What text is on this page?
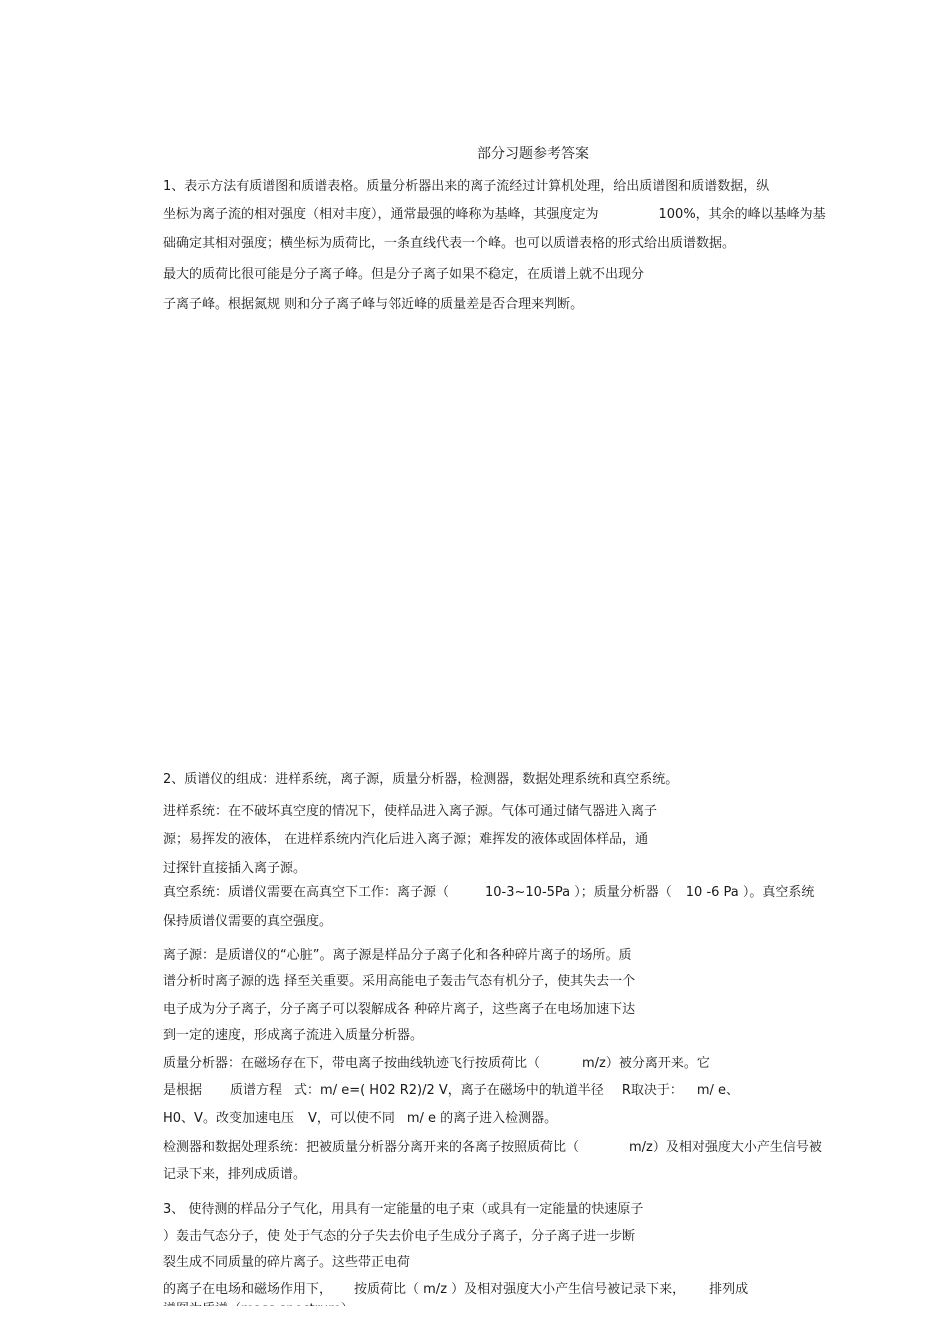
部分习题参考答案
1、表示方法有质谱图和质谱表格。质量分析器出来的离子流经过计算机处理，给出质谱图和质谱数据，纵
坐标为离子流的相对强度（相对丰度），通常最强的峰称为基峰，其强度定为	100%，其余的峰以基峰为基
础确定其相对强度；横坐标为质荷比，一条直线代表一个峰。也可以质谱表格的形式给出质谱数据。
最大的质荷比很可能是分子离子峰。但是分子离子如果不稳定，在质谱上就不出现分
子离子峰。根据氮规 则和分子离子峰与邻近峰的质量差是否合理来判断。
2、质谱仪的组成：进样系统，离子源，质量分析器，检测器，数据处理系统和真空系统。
进样系统：在不破坏真空度的情况下，使样品进入离子源。气体可通过储气器进入离子
源；易挥发的液体， 在进样系统内汽化后进入离子源；难挥发的液体或固体样品，通
过探针直接插入离子源。
真空系统：质谱仪需要在高真空下工作：离子源（	10-3~10-5Pa ）；质量分析器（ 10 -6 Pa ）。真空系统
保持质谱仪需要的真空强度。
离子源：是质谱仪的“心脏”。离子源是样品分子离子化和各种碎片离子的场所。质
谱分析时离子源的选 择至关重要。采用高能电子轰击气态有机分子，使其失去一个
电子成为分子离子，分子离子可以裂解成各 种碎片离子，这些离子在电场加速下达
到一定的速度，形成离子流进入质量分析器。
质量分析器：在磁场存在下，带电离子按曲线轨迹飞行按质荷比（	m/z）被分离开来。它
是根据 质谱方程 式：m/ e=( H02 R2)/2 V，离子在磁场中的轨道半径 R取决于： m/ e、
H0、V。改变加速电压 V，可以使不同 m/ e 的离子进入检测器。
检测器和数据处理系统：把被质量分析器分离开来的各离子按照质荷比（	m/z）及相对强度大小产生信号被
记录下来，排列成质谱。
3、 使待测的样品分子气化，用具有一定能量的电子束（或具有一定能量的快速原子
）轰击气态分子，使 处于气态的分子失去价电子生成分子离子，分子离子进一步断
裂生成不同质量的碎片离子。这些带正电荷
的离子在电场和磁场作用下， 按质荷比（ m/z ）及相对强度大小产生信号被记录下来， 排列成
